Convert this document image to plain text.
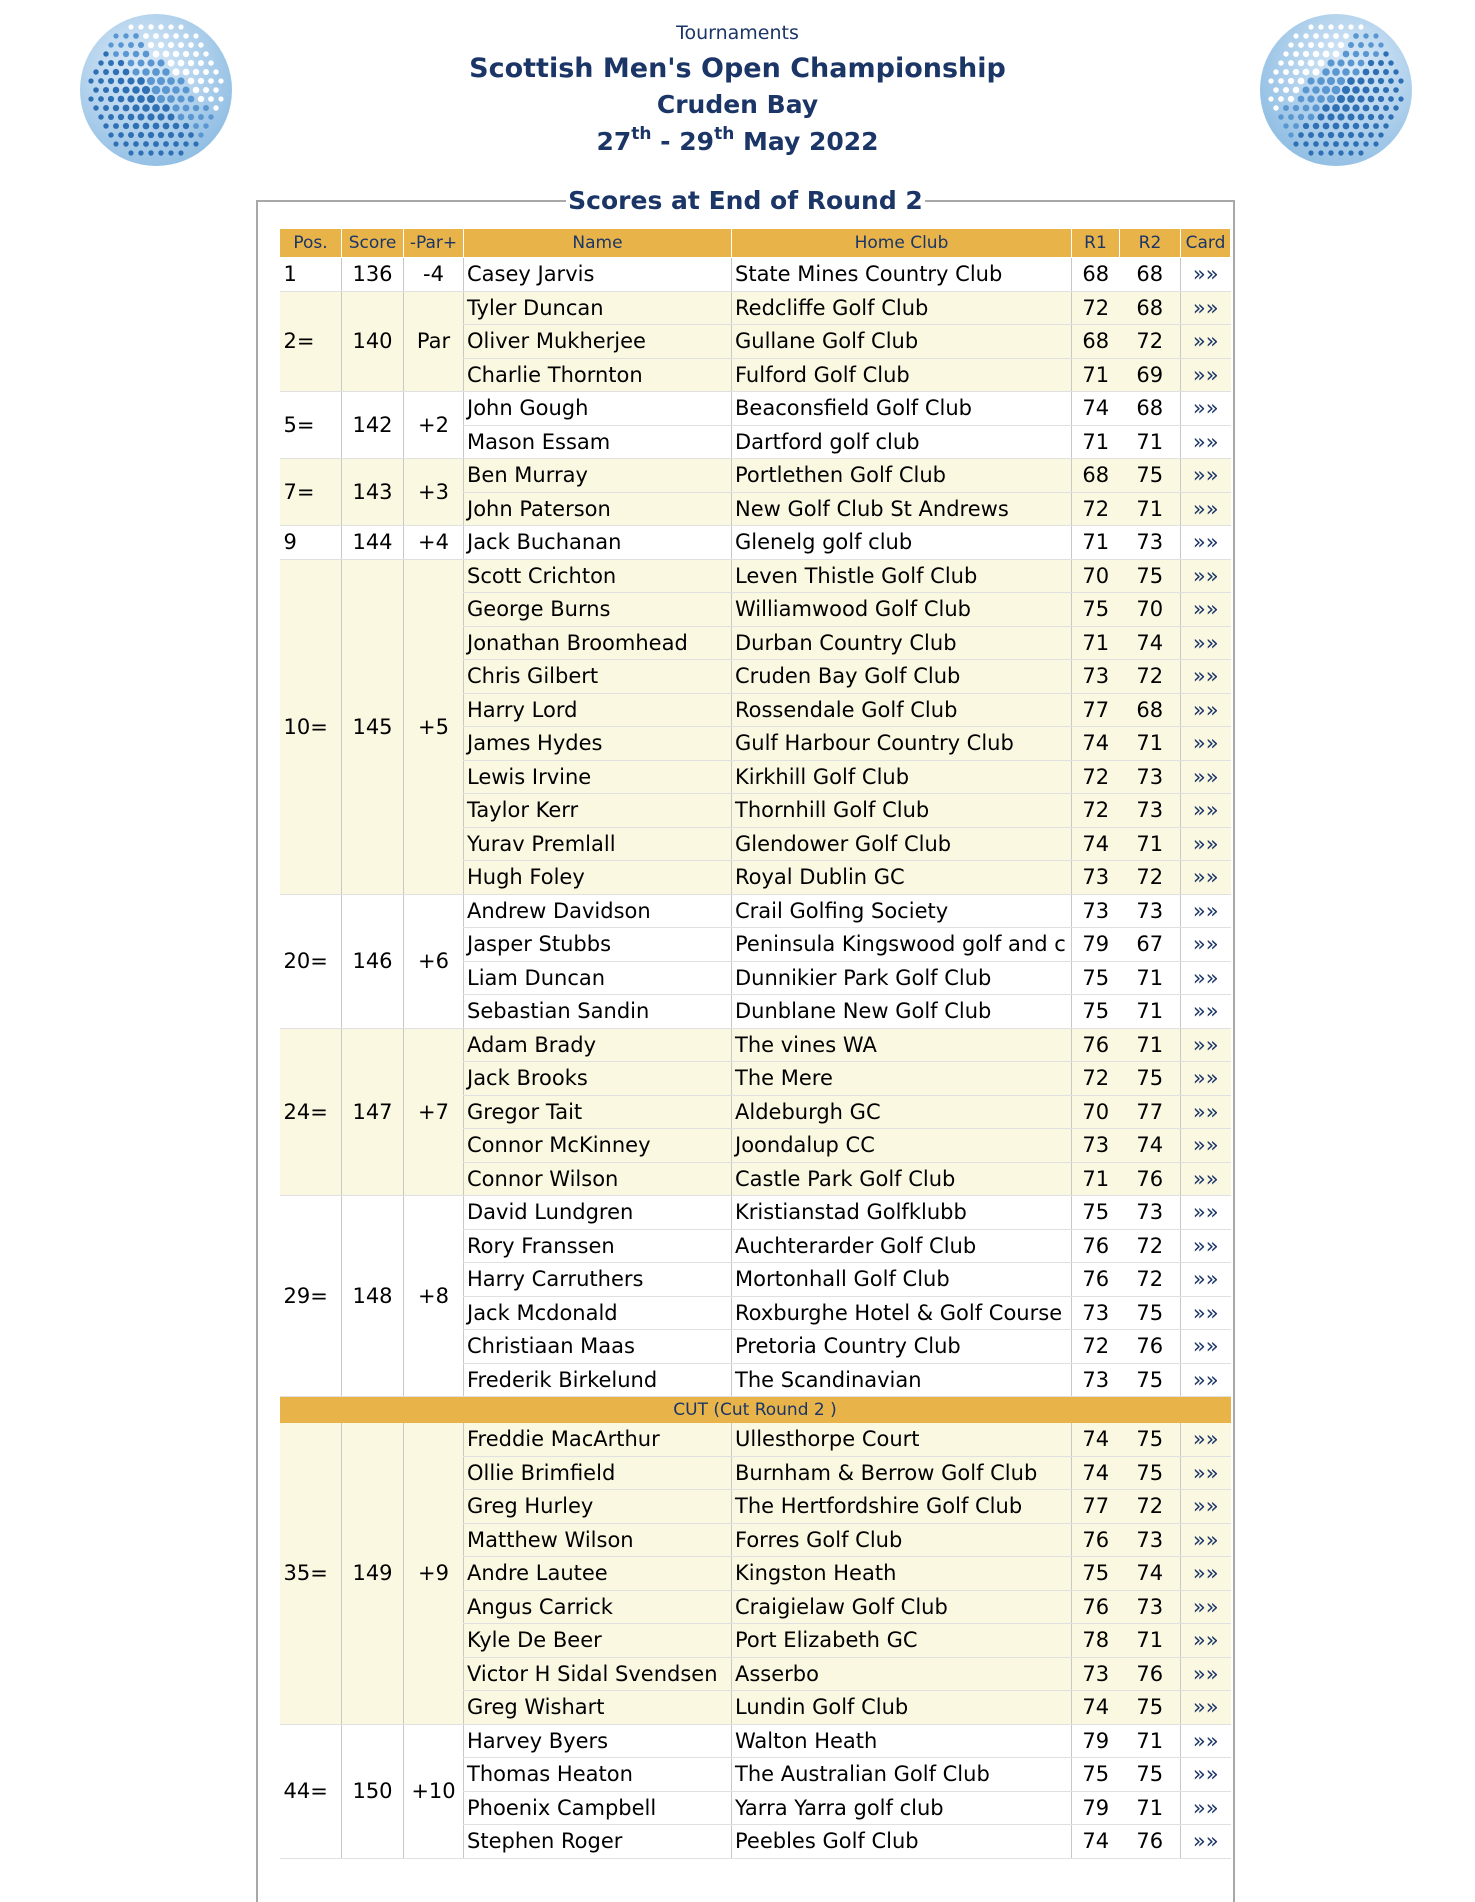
Tournaments
Scottish Men's Open Championship
Cruden Bay
27th - 29th May 2022
Scores at End of Round 2
Pos.	Score	-Par+	Name	Home Club	R1	R2	Card
1	136	-4	Casey Jarvis	State Mines Country Club	68	68	»»
2=	140	Par	Tyler Duncan	Redcliffe Golf Club	72	68	»»
			Oliver Mukherjee	Gullane Golf Club	68	72	»»
			Charlie Thornton	Fulford Golf Club	71	69	»»
5=	142	+2	John Gough	Beaconsfield Golf Club	74	68	»»
			Mason Essam	Dartford golf club	71	71	»»
7=	143	+3	Ben Murray	Portlethen Golf Club	68	75	»»
			John Paterson	New Golf Club St Andrews	72	71	»»
9	144	+4	Jack Buchanan	Glenelg golf club	71	73	»»
10=	145	+5	Scott Crichton	Leven Thistle Golf Club	70	75	»»
			George Burns	Williamwood Golf Club	75	70	»»
			Jonathan Broomhead	Durban Country Club	71	74	»»
			Chris Gilbert	Cruden Bay Golf Club	73	72	»»
			Harry Lord	Rossendale Golf Club	77	68	»»
			James Hydes	Gulf Harbour Country Club	74	71	»»
			Lewis Irvine	Kirkhill Golf Club	72	73	»»
			Taylor Kerr	Thornhill Golf Club	72	73	»»
			Yurav Premlall	Glendower Golf Club	74	71	»»
			Hugh Foley	Royal Dublin GC	73	72	»»
20=	146	+6	Andrew Davidson	Crail Golfing Society	73	73	»»
			Jasper Stubbs	Peninsula Kingswood golf and c	79	67	»»
			Liam Duncan	Dunnikier Park Golf Club	75	71	»»
			Sebastian Sandin	Dunblane New Golf Club	75	71	»»
24=	147	+7	Adam Brady	The vines WA	76	71	»»
			Jack Brooks	The Mere	72	75	»»
			Gregor Tait	Aldeburgh GC	70	77	»»
			Connor McKinney	Joondalup CC	73	74	»»
			Connor Wilson	Castle Park Golf Club	71	76	»»
29=	148	+8	David Lundgren	Kristianstad Golfklubb	75	73	»»
			Rory Franssen	Auchterarder Golf Club	76	72	»»
			Harry Carruthers	Mortonhall Golf Club	76	72	»»
			Jack Mcdonald	Roxburghe Hotel & Golf Course	73	75	»»
			Christiaan Maas	Pretoria Country Club	72	76	»»
			Frederik Birkelund	The Scandinavian	73	75	»»
CUT (Cut Round 2 )							
35=	149	+9	Freddie MacArthur	Ullesthorpe Court	74	75	»»
			Ollie Brimfield	Burnham & Berrow Golf Club	74	75	»»
			Greg Hurley	The Hertfordshire Golf Club	77	72	»»
			Matthew Wilson	Forres Golf Club	76	73	»»
			Andre Lautee	Kingston Heath	75	74	»»
			Angus Carrick	Craigielaw Golf Club	76	73	»»
			Kyle De Beer	Port Elizabeth GC	78	71	»»
			Victor H Sidal Svendsen	Asserbo	73	76	»»
			Greg Wishart	Lundin Golf Club	74	75	»»
44=	150	+10	Harvey Byers	Walton Heath	79	71	»»
			Thomas Heaton	The Australian Golf Club	75	75	»»
			Phoenix Campbell	Yarra Yarra golf club	79	71	»»
			Stephen Roger	Peebles Golf Club	74	76	»»
